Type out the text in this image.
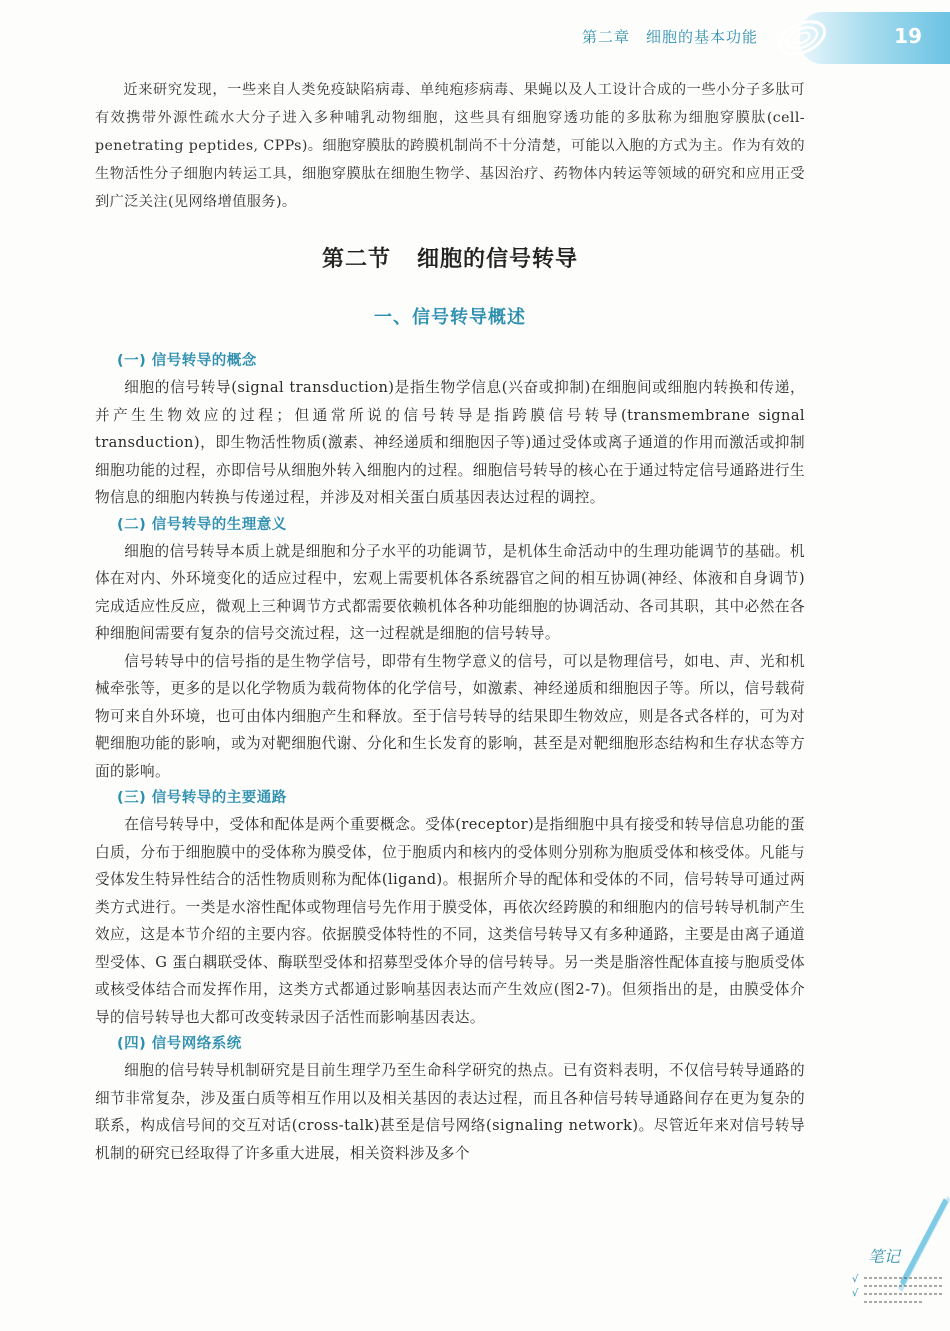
第二章 细胞的基本功能	19

近来研究发现，一些来自人类免疫缺陷病毒、单纯疱疹病毒、果蝇以及人工设计合成的一些小分子多肽可有效携带外源性疏水大分子进入多种哺乳动物细胞，这些具有细胞穿透功能的多肽称为细胞穿膜肽(cell-penetrating peptides, CPPs)。细胞穿膜肽的跨膜机制尚不十分清楚，可能以入胞的方式为主。作为有效的生物活性分子细胞内转运工具，细胞穿膜肽在细胞生物学、基因治疗、药物体内转运等领域的研究和应用正受到广泛关注(见网络增值服务)。

第二节 细胞的信号转导
一、信号转导概述
(一) 信号转导的概念

细胞的信号转导(signal transduction)是指生物学信息(兴奋或抑制)在细胞间或细胞内转换和传递，并产生生物效应的过程；但通常所说的信号转导是指跨膜信号转导(transmembrane signal transduction)，即生物活性物质(激素、神经递质和细胞因子等)通过受体或离子通道的作用而激活或抑制细胞功能的过程，亦即信号从细胞外转入细胞内的过程。细胞信号转导的核心在于通过特定信号通路进行生物信息的细胞内转换与传递过程，并涉及对相关蛋白质基因表达过程的调控。

(二) 信号转导的生理意义

细胞的信号转导本质上就是细胞和分子水平的功能调节，是机体生命活动中的生理功能调节的基础。机体在对内、外环境变化的适应过程中，宏观上需要机体各系统器官之间的相互协调(神经、体液和自身调节)完成适应性反应，微观上三种调节方式都需要依赖机体各种功能细胞的协调活动、各司其职，其中必然在各种细胞间需要有复杂的信号交流过程，这一过程就是细胞的信号转导。

信号转导中的信号指的是生物学信号，即带有生物学意义的信号，可以是物理信号，如电、声、光和机械牵张等，更多的是以化学物质为载荷物体的化学信号，如激素、神经递质和细胞因子等。所以，信号载荷物可来自外环境，也可由体内细胞产生和释放。至于信号转导的结果即生物效应，则是各式各样的，可为对靶细胞功能的影响，或为对靶细胞代谢、分化和生长发育的影响，甚至是对靶细胞形态结构和生存状态等方面的影响。

(三) 信号转导的主要通路

在信号转导中，受体和配体是两个重要概念。受体(receptor)是指细胞中具有接受和转导信息功能的蛋白质，分布于细胞膜中的受体称为膜受体，位于胞质内和核内的受体则分别称为胞质受体和核受体。凡能与受体发生特异性结合的活性物质则称为配体(ligand)。根据所介导的配体和受体的不同，信号转导可通过两类方式进行。一类是水溶性配体或物理信号先作用于膜受体，再依次经跨膜的和细胞内的信号转导机制产生效应，这是本节介绍的主要内容。依据膜受体特性的不同，这类信号转导又有多种通路，主要是由离子通道型受体、G 蛋白耦联受体、酶联型受体和招募型受体介导的信号转导。另一类是脂溶性配体直接与胞质受体或核受体结合而发挥作用，这类方式都通过影响基因表达而产生效应(图2-7)。但须指出的是，由膜受体介导的信号转导也大都可改变转录因子活性而影响基因表达。

(四) 信号网络系统

细胞的信号转导机制研究是目前生理学乃至生命科学研究的热点。已有资料表明，不仅信号转导通路的细节非常复杂，涉及蛋白质等相互作用以及相关基因的表达过程，而且各种信号转导通路间存在更为复杂的联系，构成信号间的交互对话(cross-talk)甚至是信号网络(signaling network)。尽管近年来对信号转导机制的研究已经取得了许多重大进展，相关资料涉及多个

笔记
√
√
